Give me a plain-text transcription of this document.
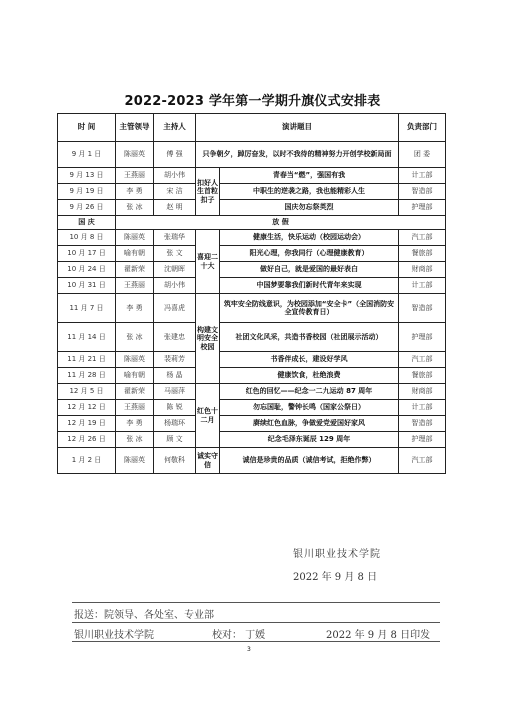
2022-2023 学年第一学期升旗仪式安排表
时 间	主管领导	主持人	演讲题目		负责部门
9 月 1 日	陈丽英	傅 强	只争朝夕，踔厉奋发，以时不我待的精神努力开创学校新局面		团 委
9 月 13 日	王燕丽	胡小伟	扣好人生首粒扣子	青春当“燃”，强国有我	计工部
9 月 19 日	李 勇	宋 洁		中职生的逆袭之路，我也能精彩人生	智造部
9 月 26 日	张 冰	赵 明		国庆勿忘祭英烈	护理部
国 庆	放 假				
10 月 8 日	陈丽英	张瑞华	喜迎二十大	健康生活，快乐运动（校园运动会）	汽工部
10 月 17 日	喻有朝	张 文		阳光心理，你我同行（心理健康教育）	餐旅部
10 月 24 日	翟新荣	沈朝晖		做好自己，就是爱国的最好表白	财商部
10 月 31 日	王燕丽	胡小伟		中国梦要靠我们新时代青年来实现	计工部
11 月 7 日	李 勇	冯喜虎	构建文明安全校园	筑牢安全防线意识，为校园添加“安全卡”（全国消防安全宣传教育日）	智造部
11 月 14 日	张 冰	张建忠		社团文化风采，共造书香校园（社团展示活动）	护理部
11 月 21 日	陈丽英	裴莉芳		书香伴成长，建设好学风	汽工部
11 月 28 日	喻有朝	杨 晶		健康饮食，杜绝浪费	餐旅部
12 月 5 日	翟新荣	马丽萍	红色十二月	红色的回忆——纪念一二九运动 87 周年	财商部
12 月 12 日	王燕丽	陈 锐		勿忘国耻，警钟长鸣（国家公祭日）	计工部
12 月 19 日	李 勇	杨瑞环		赓续红色血脉，争做爱党爱国好家风	智造部
12 月 26 日	张 冰	顾 文		纪念毛泽东诞辰 129 周年	护理部
1 月 2 日	陈丽英	何敬科	诚实守信	诚信是珍贵的品质（诚信考试，拒绝作弊）	汽工部
银川职业技术学院
2022 年 9 月 8 日
报送：院领导、各处室、专业部
银川职业技术学院	校对： 丁媛	2022 年 9 月 8 日印发
3
